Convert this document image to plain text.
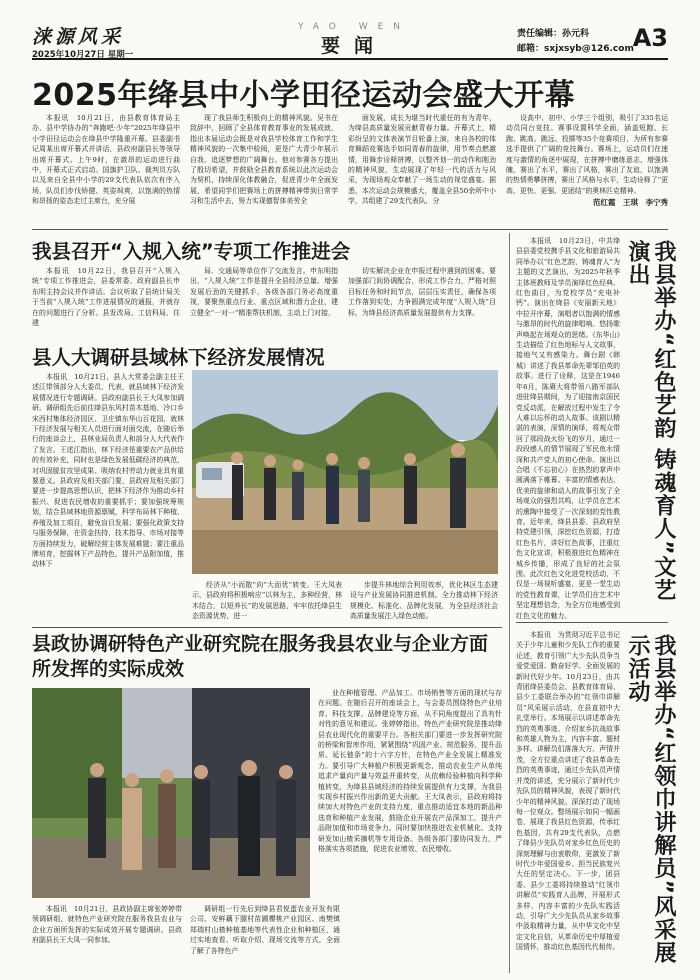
涞源风采
2025年10月27日 星期一
YAO WEN
要闻
责任编辑：孙元科
邮箱：sxjxsyb@126.com
A3
2025年绛县中小学田径运动会盛大开幕

本报讯　10月21日，由县教育体育局主办、县中学协办的“奔跑吧·少年”2025年绛县中小学田径运动会在绛县中学隆重开幕。县委副书记周某出席开幕式并讲话，县政府副县长等领导出席开幕式。上午9时，在激昂的运动进行曲中，开幕式正式启动。国旗护卫队、裁判员方队以及来自全县中小学的29支代表队依次有序入场，队员们步伐矫健、英姿飒爽，以饱满的热情和昂扬的姿态走过主席台，充分展

现了我县师生积极向上的精神风貌。吴书在致辞中，回顾了全县体育教育事业的发展成就，指出本届运动会既是对我县学校体育工作和学生精神风貌的一次集中检阅，更是广大青少年展示自我、追逐梦想的广阔舞台。他对参赛各方提出了殷切希望，并鼓励全县教育系统以此次运动会为契机，持续深化体教融合，促进青少年全面发展，希望同学们把赛场上的拼搏精神带到日常学习和生活中去，努力实现德智体美劳全

面发展，成长为堪当时代重任的有为青年，为绛县高质量发展贡献青春力量。开幕式上，精彩纷呈的文体表演节目轮番上演，来自各校的体育舞蹈竞赛选手如同青春的旋律，用节奏点燃激情，用舞步诠释拼搏，以整齐划一的动作和刚劲的精神风貌，生动展现了年轻一代的活力与风采，为现场观众奉献了一场生动的视觉盛宴。据悉，本次运动会规模盛大，覆盖全县50余所中小学，共组建了29支代表队，分

设高中、初中、小学三个组别，吸引了335名运动员同台竞技。赛事设置科学全面，涵盖短跑、长跑、跳高、跳远、投掷等35个竞赛项目，为所有参赛选手提供了广阔的竞技舞台。赛场上，运动员们在速度与激情的角逐中展现，在拼搏中磨练意志、增强体魄，赛出了水平，赛出了风格，赛出了友谊，以饱满的热情勇攀拼搏，赛出了风格与水平，生动诠释了“更高、更快、更强、更团结”的奥林匹克精神。

范红霞　王琪　李宁秀
我县召开“入规入统”专项工作推进会

本报讯　10月22日，我县召开“入规入统”专项工作推进会，县委常委、政府副县长申东明主持会议并作讲话。会议听取了县统计局关于当前“入规入统”工作进展情况的通报，并就存在的问题进行了分析。县发改局、工信科局、住建

局、交通局等单位作了交流发言。申东明指出，“入规入统”工作是提升全县经济总量、增强发展后劲的关键抓手，各级各部门务必高度重视，要聚焦重点行业、重点区域和潜力企业，建立健全“一对一”精准帮扶机制，主动上门对接，

切实解决企业在申报过程中遇到的困难。要加强部门间协调配合，形成工作合力，严格对照目标任务和时间节点，层层压实责任，确保各项工作落到实处，力争圆满完成年度“入规入统”目标，为绛县经济高质量发展提供有力支撑。

县人大调研县域林下经济发展情况

本报讯　10月21日，县人大常委会副主任王述江带领部分人大委员、代表，就县域林下经济发展情况进行专题调研。县政府副县长王大凤参加调研。调研组先后前往绛县东风村苗木基地、冷口乡宋西村集体经济园区、卫庄镇东华山百花园，就林下经济发展与相关人员进行面对面交流，在随后举行的座谈会上，县林业局负责人和部分人大代表作了发言。王述江指出，林下经济是重要农产品供给的有效补充，同时也是绿色发展低碳经济的典范，对巩固脱贫攻坚成果、吸纳农村劳动力就业具有重要意义。县政府及相关部门要，县政府及相关部门要进一步提高思想认识，把林下经济作为推动乡村振兴、促进农民增收的重要抓手；要加强统筹规划，结合县域林地资源禀赋，科学布局林下种植、养殖及加工项目，避免盲目发展；要强化政策支持与服务保障，在资金扶持、技术指导、市场对接等方面持续发力，破解经营主体发展难题；要注重品牌培育，挖掘林下产品特色，提升产品附加值，推动林下

经济从“小而散”向“大而优”转变。王大凤表示，县政府将积极响应“以林为主，多种经营，林木结合，以短养长”的发展思路，牢牢依托绛县生态资源优势，进一

步提升林地综合利用效率，优化林区生态建设与产业发展协同推进机制。全力推动林下经济规模化、标准化、品牌化发展，为全县经济社会高质量发展注入绿色动能。

县政协调研特色产业研究院在服务我县农业与企业方面所发挥的实际成效

业在种植管理、产品加工、市场销售等方面的现状与存在问题。在随后召开的座谈会上，与会委员围绕特色产业培育、科技支撑、品牌建设等方面，从不同角度提出了具有针对性的意见和建议。张婷婷指出，特色产业研究院是推动绛县农业现代化的重要平台。各相关部门要进一步发挥研究院的桥梁和智库作用，紧紧围绕“巩固产业、规范服务、提升品质、延长链条”的十六字方针，在特色产业全发展上精准发力。要引导广大种植户积极更新观念，推动农业生产从单纯追求产量向产量与效益并重转变，从依赖经验种植向科学种植转变，为绛县县域经济的持续发展提供有力支撑，为我县实现乡村振兴作出新的更大贡献。王大凤表示，县政府将持续加大对特色产业的支持力度，重点推动适宜本地的新品种选育和种植产业发展，鼓励企业开展农产品深加工，提升产品附加值和市场竞争力。同时要加快推进农业机械化、支持研发加山楂采摘机等专用设备。各级各部门要协同发力，严格落实各项措施，促进农业增效、农民增收。

本报讯　10月21日，县政协副主席张婷婷带领调研组，就特色产业研究院在服务我县农业与企业方面所发挥的实际成效开展专题调研。县政府副县长王大凤一同参加。

调研组一行先后到绛县君悦蛋农业开发有限公司、安鲜藕下腿村苗圃樱桃产业园区、南樊镇郑瑞村山楂种植基地等代表性企业和种植区，通过实地查看、听取介绍、现场交流等方式，全面了解了各特色产

本报讯　10月23日，中共绛县县委党校携手县文化和旅游局共同举办以“红色艺韵，铸魂育人”为主题的文艺演出，为2025年秋季主体班教师及学员演绎红色经典、红色曲目，为党校学员“充电补钙”。演出在绛县《安丽新天地》中拉开序幕，演唱者以饱满的情感与激昂的时代的旋律唱响。悠扬歌声唤起在场观众的思绪。《东华山》生动描绘了红色地标与人文故事，接地气又有感染力。舞台剧《韩城》讲述了我县革命先辈邹伯英的故事。进行了诠释，这是在1946年6月，陈赓大将带领八路军部队进驻绛县期间，为了迎接南京国民党反动派，在解放过程中发生了令人难以忘怀的动人故事。该剧以精湛的表演，深情的演绎，将观众带回了那段战火纷飞的岁月，通过一段段感人的情节展现了军民鱼水情深和共产党人的初心使命。演出以合唱《不忘初心》在热烈的掌声中圆满落下帷幕。丰富的情感表达、优美的旋律和动人的故事引发了全场观众的强烈共鸣，让学员在艺术的熏陶中接受了一次深刻的党性教育。近年来，绛县县委、县政府坚持党建引领，深挖红色资源，打造红色名片，讲好红色故事，注重红色文化宣讲，积极推进红色精神在城乡传播，形成了良好的社会氛围。此次红色文化进党校活动，不仅是一场视听盛宴，更是一堂生动的党性教育课，让学员们在艺术中坚定理想信念，为全方位地感受到红色文化的魅力。

我县举办“红色艺韵 铸魂育人”文艺演出

本报讯　为贯彻习近平总书记关于少年儿童和少先队工作的重要论述，教育引领广大少先队员争当爱党爱国、勤奋好学、全面发展的新时代好少年。10月23日，由共青团绛县委员会、县教育体育局、县少工委联合举办的“红领巾讲解员”风采展示活动，在县直初中大礼堂举行。本场展示以讲述革命先烈的英勇事迹、介绍家乡抗战故事和英雄人物为主，内容丰富、题材多样。讲解员们落落大方、声情并茂，全方位重点讲述了我县革命先烈的英勇事迹，通过少先队员声情并茂的讲述，充分展示了新时代少先队员的精神风貌，表现了新时代少年的精神风貌。深深打动了现场每一位观众。整场展示如同一幅画卷，展现了我县红色资源，传承红色基因，共有29支代表队，点燃了绛县少先队员对家乡红色历史的深刻理解与由衷敬仰，更激发了新时代少年爱国爱乡、担当民族复兴大任的坚定决心。下一步，团县委、县少工委将持续推动“红领巾讲解员”实践育人品牌，开展形式多样、内容丰富的少先队实践活动，引导广大少先队员从家乡故事中汲取精神力量，从中华文化中坚定文化自信，从革命历史中厚植爱国情怀，推动红色基因代代相传。	我县举办“红领巾讲解员”风采展示活动
